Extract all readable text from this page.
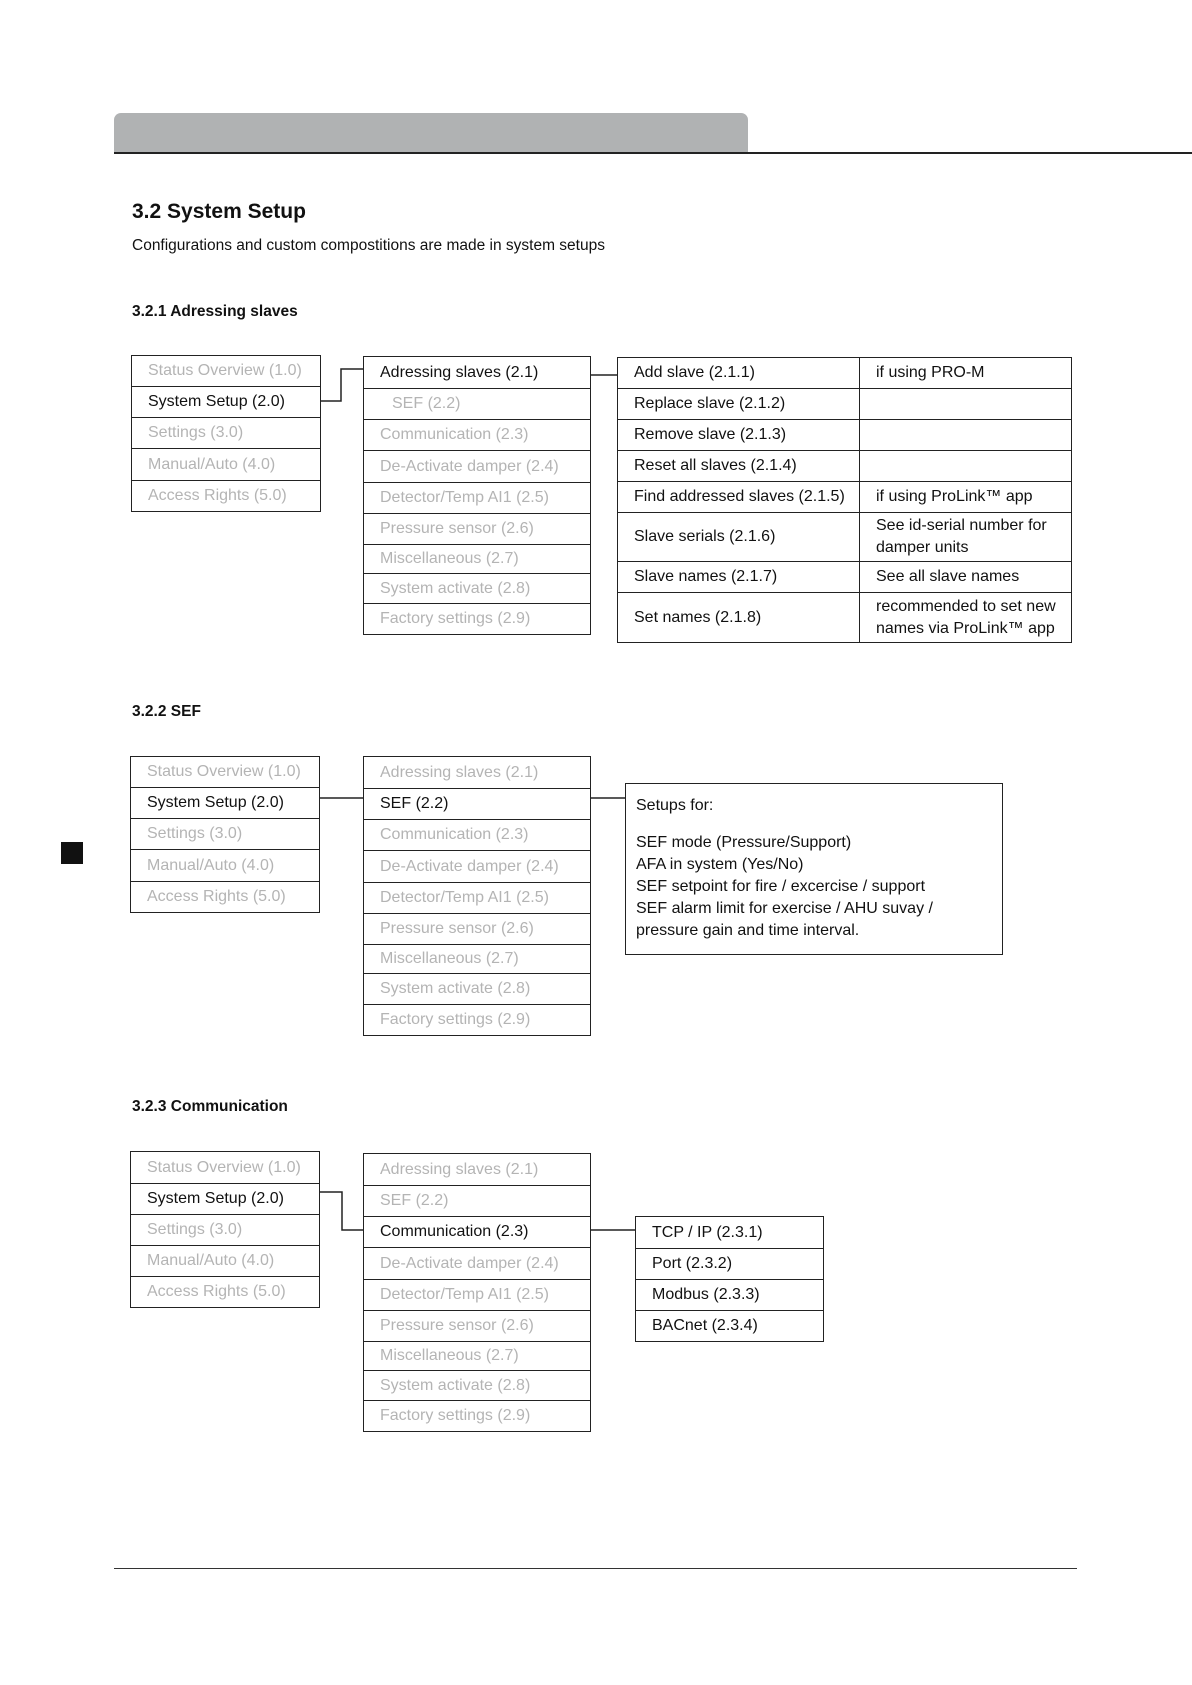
3.2 System Setup
Configurations and custom compostitions are made in system setups
3.2.1 Adressing slaves
Status Overview (1.0)
System Setup (2.0)
Settings (3.0)
Manual/Auto (4.0)
Access Rights (5.0)
Adressing slaves (2.1)
SEF (2.2)
Communication (2.3)
De-Activate damper (2.4)
Detector/Temp AI1 (2.5)
Pressure sensor (2.6)
Miscellaneous (2.7)
System activate (2.8)
Factory settings (2.9)
Add slave (2.1.1)	if using PRO-M
Replace slave (2.1.2)	
Remove slave (2.1.3)	
Reset all slaves (2.1.4)	
Find addressed slaves (2.1.5)	if using ProLink™ app
Slave serials (2.1.6)	See id-serial number for damper units
Slave names (2.1.7)	See all slave names
Set names (2.1.8)	recommended to set new names via ProLink™ app
3.2.2 SEF
Status Overview (1.0)
System Setup (2.0)
Settings (3.0)
Manual/Auto (4.0)
Access Rights (5.0)
Adressing slaves (2.1)
SEF (2.2)
Communication (2.3)
De-Activate damper (2.4)
Detector/Temp AI1 (2.5)
Pressure sensor (2.6)
Miscellaneous (2.7)
System activate (2.8)
Factory settings (2.9)
Setups for:
SEF mode (Pressure/Support)
AFA in system (Yes/No)
SEF setpoint for fire / excercise / support
SEF alarm limit for exercise / AHU suvay / pressure gain and time interval.
3.2.3 Communication
Status Overview (1.0)
System Setup (2.0)
Settings (3.0)
Manual/Auto (4.0)
Access Rights (5.0)
Adressing slaves (2.1)
SEF (2.2)
Communication (2.3)
De-Activate damper (2.4)
Detector/Temp AI1 (2.5)
Pressure sensor (2.6)
Miscellaneous (2.7)
System activate (2.8)
Factory settings (2.9)
TCP / IP (2.3.1)
Port (2.3.2)
Modbus (2.3.3)
BACnet (2.3.4)
